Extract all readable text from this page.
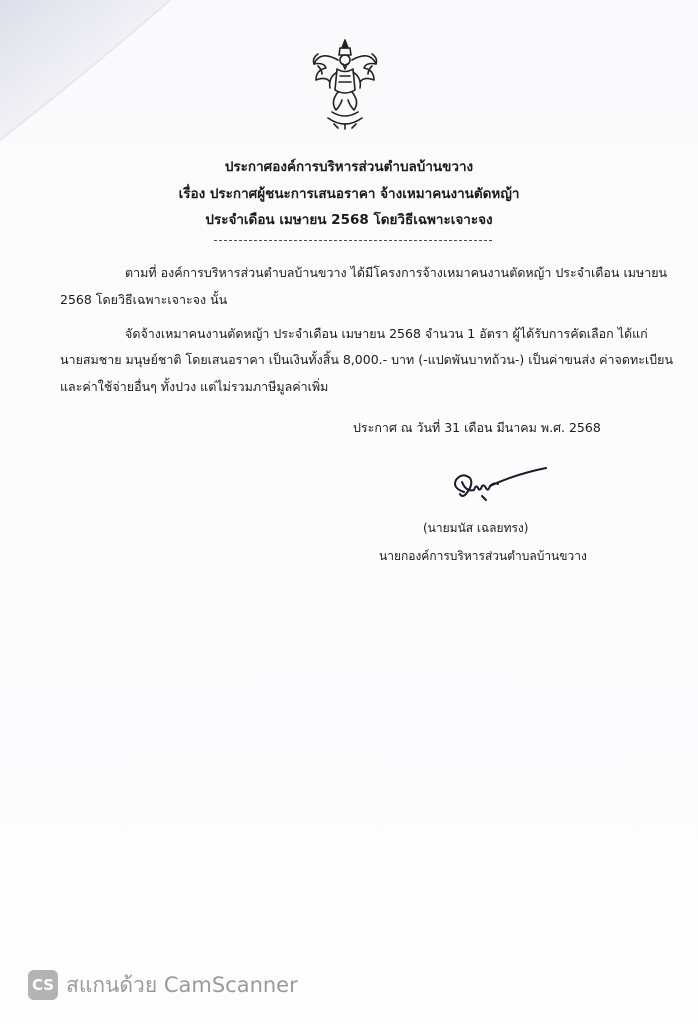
ประกาศองค์การบริหารส่วนตำบลบ้านขวาง
เรื่อง ประกาศผู้ชนะการเสนอราคา จ้างเหมาคนงานตัดหญ้า
ประจำเดือน เมษายน 2568 โดยวิธีเฉพาะเจาะจง
ตามที่ องค์การบริหารส่วนตำบลบ้านขวาง ได้มีโครงการจ้างเหมาคนงานตัดหญ้า ประจำเดือน เมษายน
2568 โดยวิธีเฉพาะเจาะจง นั้น
จัดจ้างเหมาคนงานตัดหญ้า ประจำเดือน เมษายน 2568 จำนวน 1 อัตรา ผู้ได้รับการคัดเลือก ได้แก่
นายสมชาย มนุษย์ชาติ โดยเสนอราคา เป็นเงินทั้งสิ้น 8,000.- บาท (-แปดพันบาทถ้วน-) เป็นค่าขนส่ง ค่าจดทะเบียน
และค่าใช้จ่ายอื่นๆ ทั้งปวง แต่ไม่รวมภาษีมูลค่าเพิ่ม
ประกาศ ณ วันที่ 31 เดือน มีนาคม พ.ศ. 2568
(นายมนัส เฉลยทรง)
นายกองค์การบริหารส่วนตำบลบ้านขวาง
CS สแกนด้วย CamScanner
